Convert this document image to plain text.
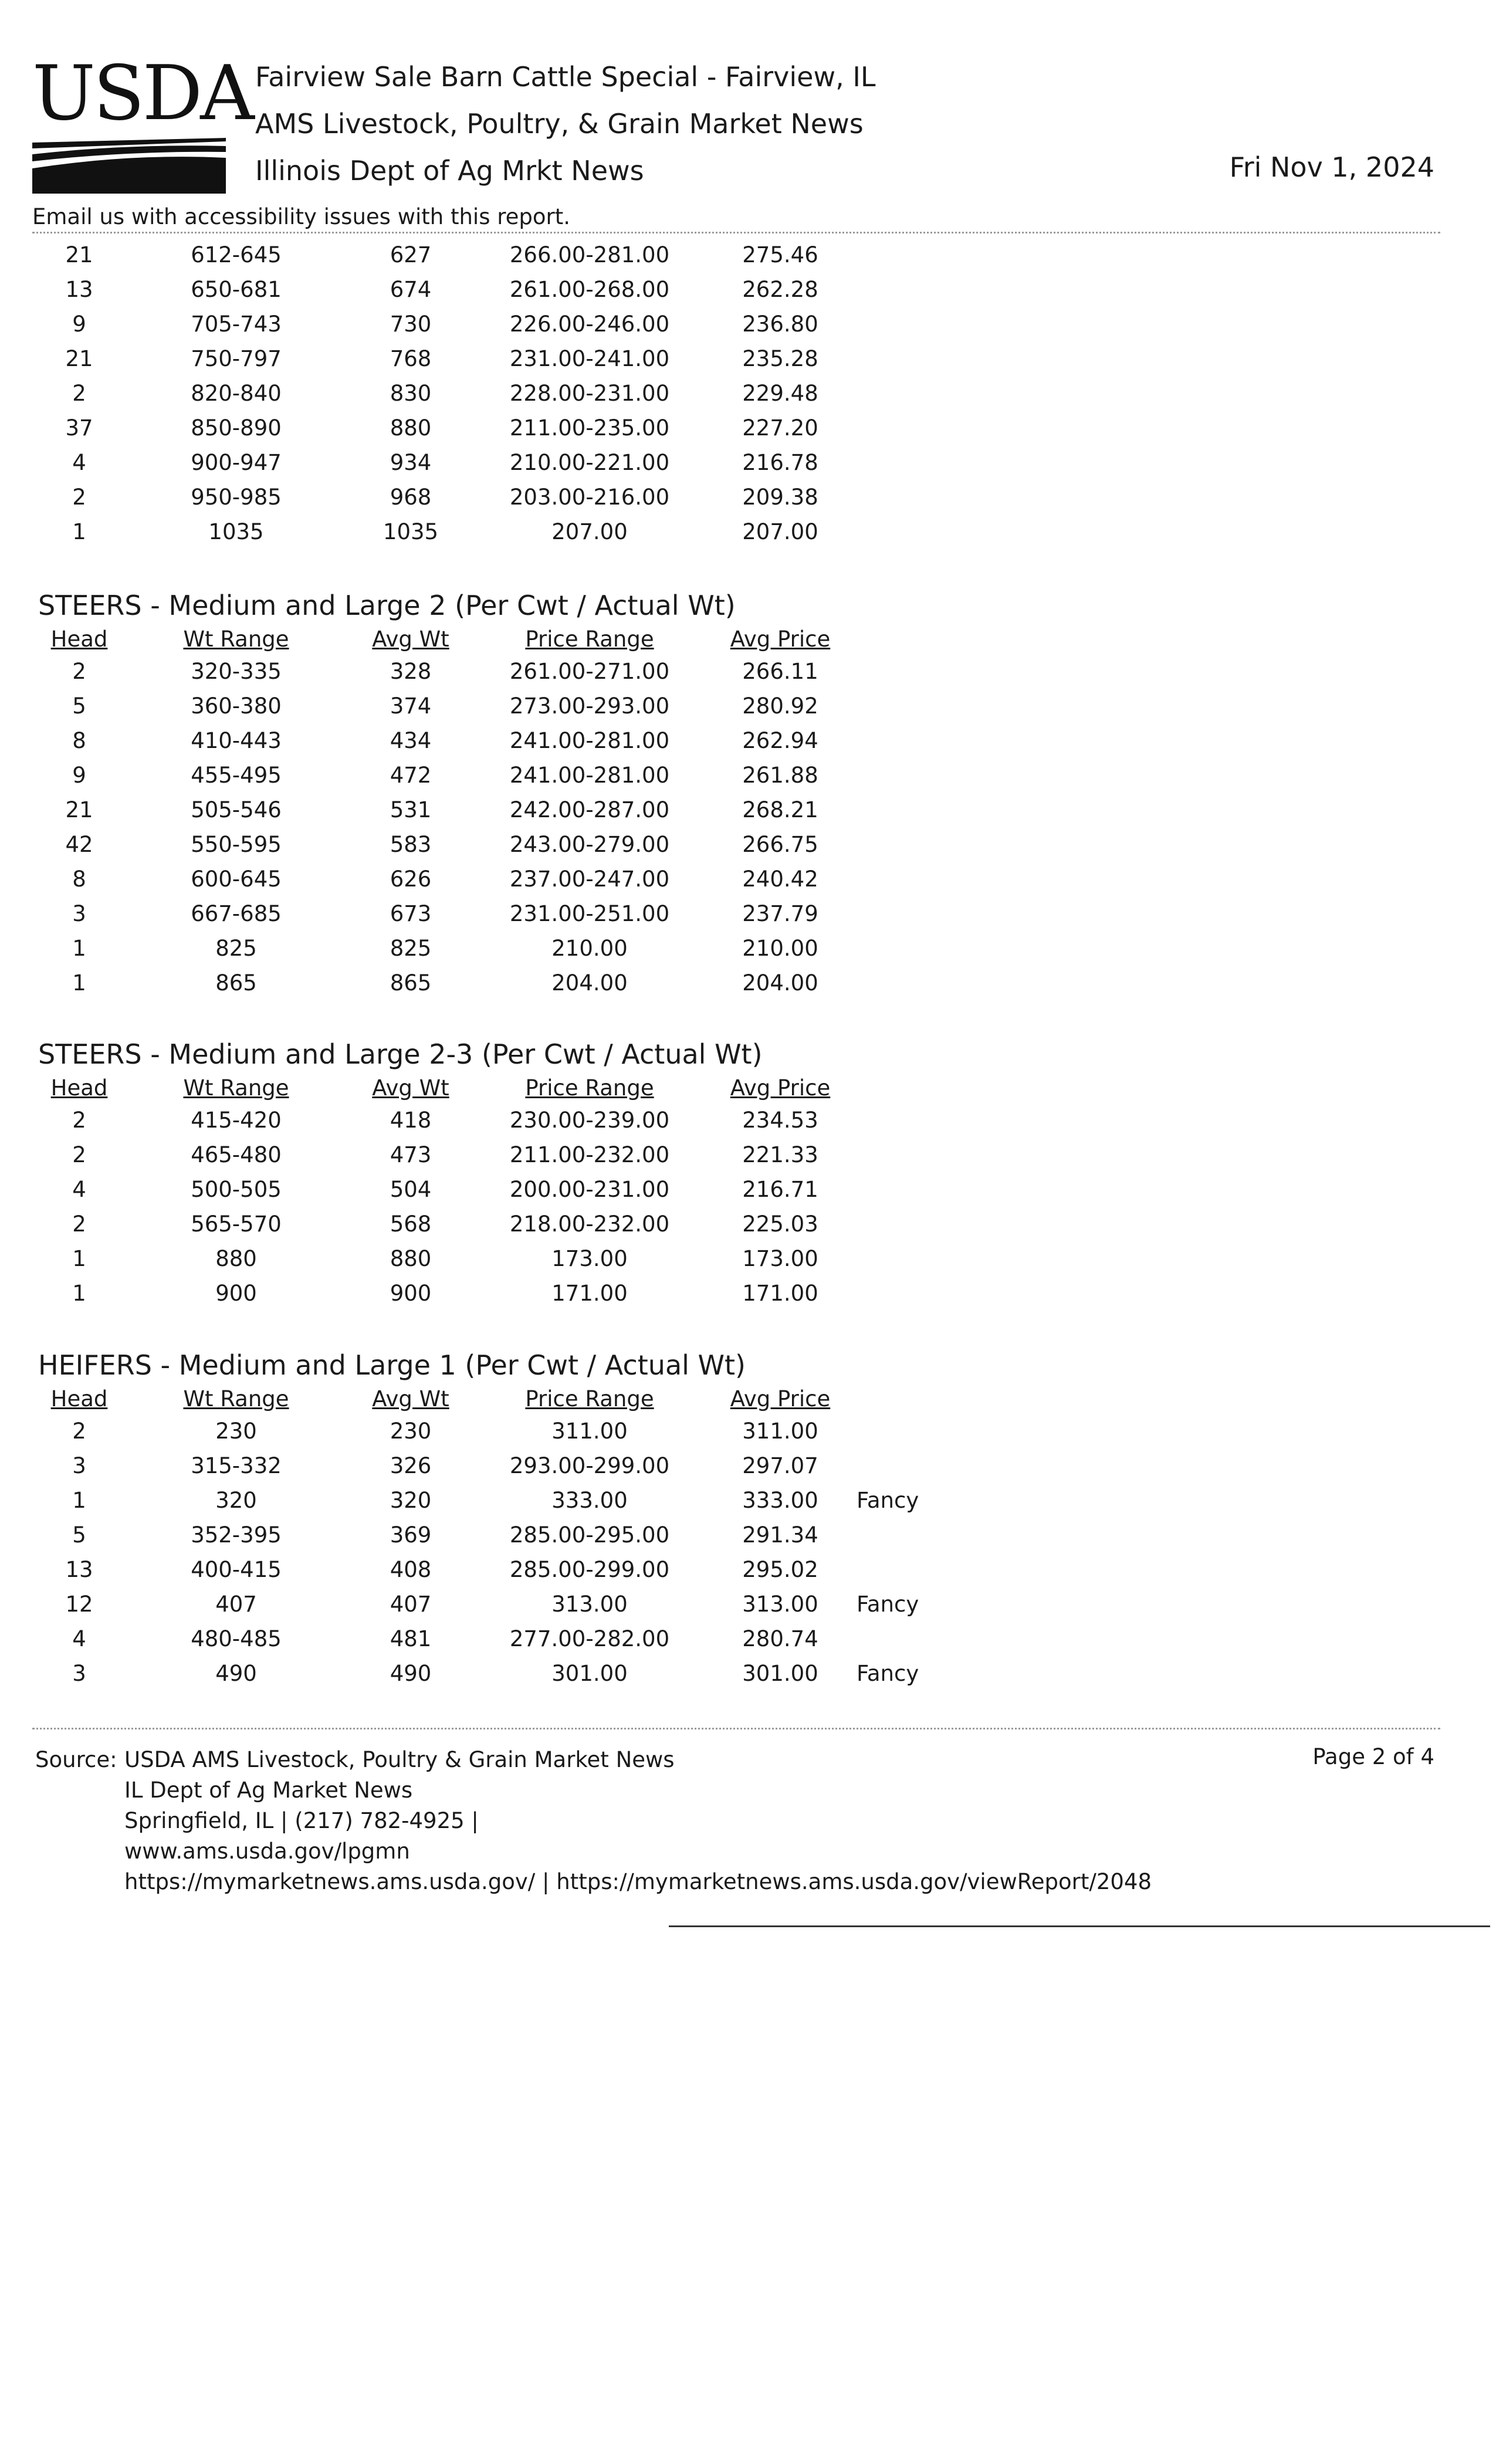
USDA Fairview Sale Barn Cattle Special - Fairview, IL
AMS Livestock, Poultry, & Grain Market News
Illinois Dept of Ag Mrkt News	Fri Nov 1, 2024
Email us with accessibility issues with this report.
21	612-645	627	266.00-281.00	275.46
13	650-681	674	261.00-268.00	262.28
9	705-743	730	226.00-246.00	236.80
21	750-797	768	231.00-241.00	235.28
2	820-840	830	228.00-231.00	229.48
37	850-890	880	211.00-235.00	227.20
4	900-947	934	210.00-221.00	216.78
2	950-985	968	203.00-216.00	209.38
1	1035	1035	207.00	207.00
STEERS - Medium and Large 2 (Per Cwt / Actual Wt)
Head	Wt Range	Avg Wt	Price Range	Avg Price
2	320-335	328	261.00-271.00	266.11
5	360-380	374	273.00-293.00	280.92
8	410-443	434	241.00-281.00	262.94
9	455-495	472	241.00-281.00	261.88
21	505-546	531	242.00-287.00	268.21
42	550-595	583	243.00-279.00	266.75
8	600-645	626	237.00-247.00	240.42
3	667-685	673	231.00-251.00	237.79
1	825	825	210.00	210.00
1	865	865	204.00	204.00
STEERS - Medium and Large 2-3 (Per Cwt / Actual Wt)
Head	Wt Range	Avg Wt	Price Range	Avg Price
2	415-420	418	230.00-239.00	234.53
2	465-480	473	211.00-232.00	221.33
4	500-505	504	200.00-231.00	216.71
2	565-570	568	218.00-232.00	225.03
1	880	880	173.00	173.00
1	900	900	171.00	171.00
HEIFERS - Medium and Large 1 (Per Cwt / Actual Wt)
Head	Wt Range	Avg Wt	Price Range	Avg Price
2	230	230	311.00	311.00
3	315-332	326	293.00-299.00	297.07
1	320	320	333.00	333.00	Fancy
5	352-395	369	285.00-295.00	291.34
13	400-415	408	285.00-299.00	295.02
12	407	407	313.00	313.00	Fancy
4	480-485	481	277.00-282.00	280.74
3	490	490	301.00	301.00	Fancy
Source: USDA AMS Livestock, Poultry & Grain Market News
IL Dept of Ag Market News
Springfield, IL | (217) 782-4925 |
www.ams.usda.gov/lpgmn
https://mymarketnews.ams.usda.gov/ | https://mymarketnews.ams.usda.gov/viewReport/2048
Page 2 of 4
